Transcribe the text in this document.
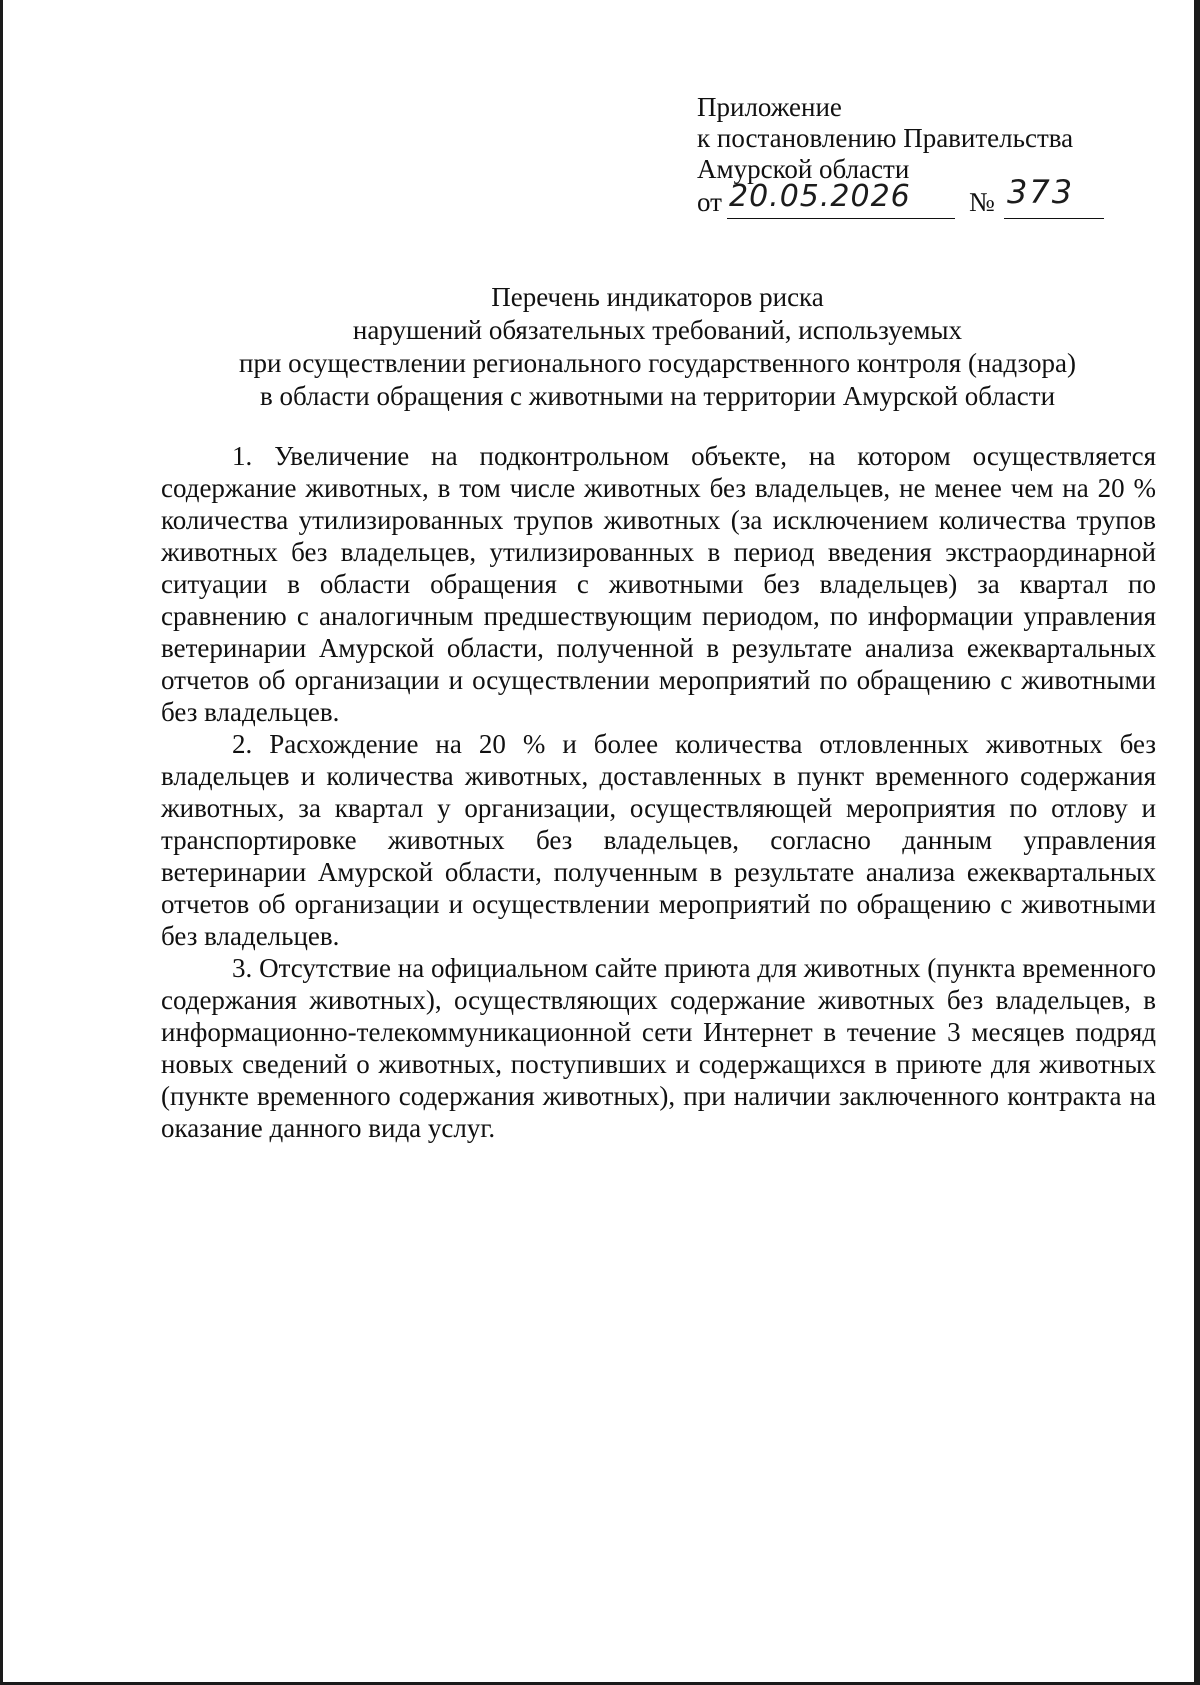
Приложение
к постановлению Правительства
Амурской области
от 20.05.2026 № 373
Перечень индикаторов риска
нарушений обязательных требований, используемых
при осуществлении регионального государственного контроля (надзора)
в области обращения с животными на территории Амурской области

1. Увеличение на подконтрольном объекте, на котором осуществляется содержание животных, в том числе животных без владельцев, не менее чем на 20 % количества утилизированных трупов животных (за исключением количества трупов животных без владельцев, утилизированных в период введения экстраординарной ситуации в области обращения с животными без владельцев) за квартал по сравнению с аналогичным предшествующим периодом, по информации управления ветеринарии Амурской области, полученной в результате анализа ежеквартальных отчетов об организации и осуществлении мероприятий по обращению с животными без владельцев.

2. Расхождение на 20 % и более количества отловленных животных без владельцев и количества животных, доставленных в пункт временного содержания животных, за квартал у организации, осуществляющей мероприятия по отлову и транспортировке животных без владельцев, согласно данным управления ветеринарии Амурской области, полученным в результате анализа ежеквартальных отчетов об организации и осуществлении мероприятий по обращению с животными без владельцев.

3. Отсутствие на официальном сайте приюта для животных (пункта временного содержания животных), осуществляющих содержание животных без владельцев, в информационно-телекоммуникационной сети Интернет в течение 3 месяцев подряд новых сведений о животных, поступивших и содержащихся в приюте для животных (пункте временного содержания животных), при наличии заключенного контракта на оказание данного вида услуг.
